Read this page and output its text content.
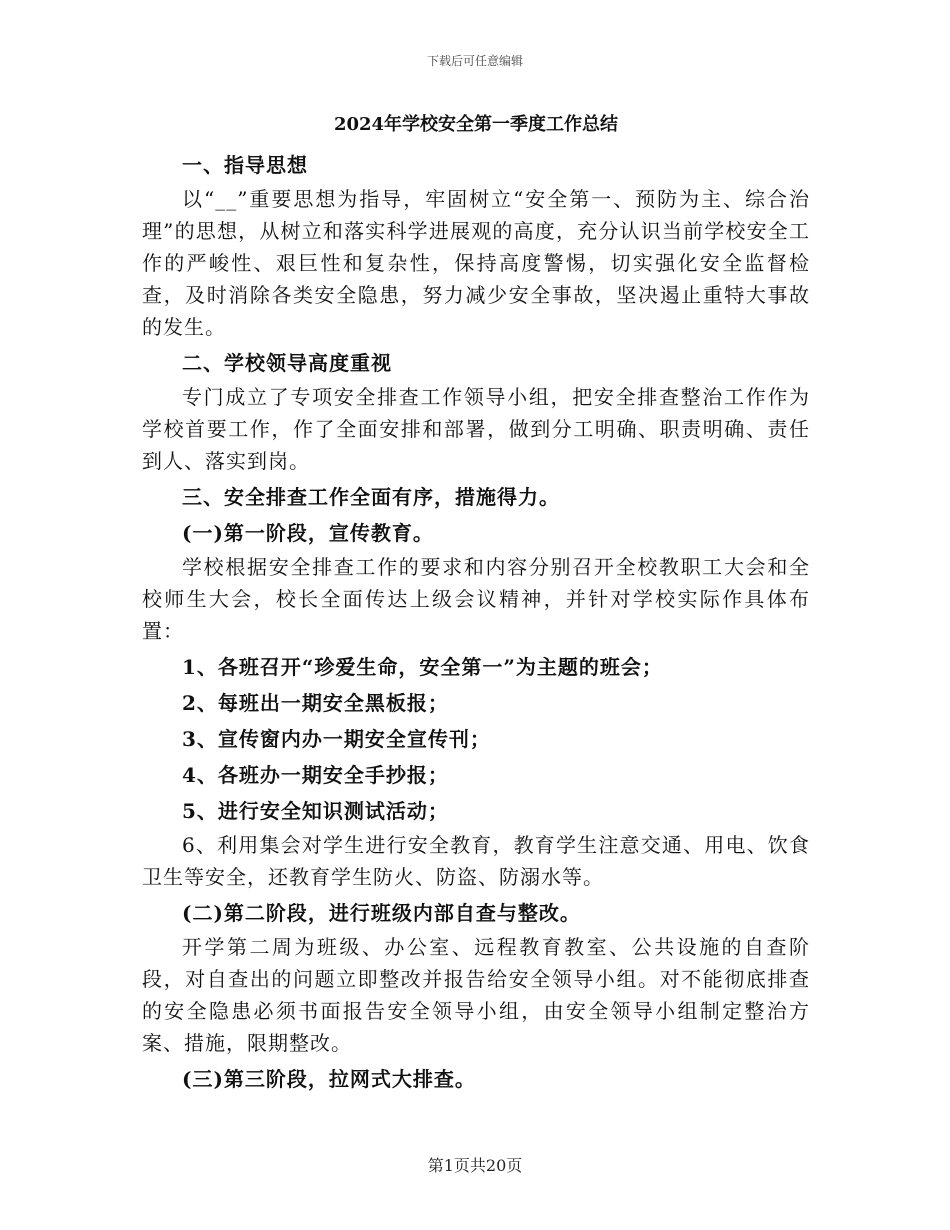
下载后可任意编辑
2024年学校安全第一季度工作总结

一、指导思想

以“__”重要思想为指导，牢固树立“安全第一、预防为主、综合治理”的思想，从树立和落实科学进展观的高度，充分认识当前学校安全工作的严峻性、艰巨性和复杂性，保持高度警惕，切实强化安全监督检查，及时消除各类安全隐患，努力减少安全事故，坚决遏止重特大事故的发生。

二、学校领导高度重视

专门成立了专项安全排查工作领导小组，把安全排查整治工作作为学校首要工作，作了全面安排和部署，做到分工明确、职责明确、责任到人、落实到岗。

三、安全排查工作全面有序，措施得力。

(一)第一阶段，宣传教育。

学校根据安全排查工作的要求和内容分别召开全校教职工大会和全校师生大会，校长全面传达上级会议精神，并针对学校实际作具体布置：

1、各班召开“珍爱生命，安全第一”为主题的班会；

2、每班出一期安全黑板报；

3、宣传窗内办一期安全宣传刊；

4、各班办一期安全手抄报；

5、进行安全知识测试活动；

6、利用集会对学生进行安全教育，教育学生注意交通、用电、饮食卫生等安全，还教育学生防火、防盗、防溺水等。

(二)第二阶段，进行班级内部自查与整改。

开学第二周为班级、办公室、远程教育教室、公共设施的自查阶段，对自查出的问题立即整改并报告给安全领导小组。对不能彻底排查的安全隐患必须书面报告安全领导小组，由安全领导小组制定整治方案、措施，限期整改。

(三)第三阶段，拉网式大排查。

第1页共20页
